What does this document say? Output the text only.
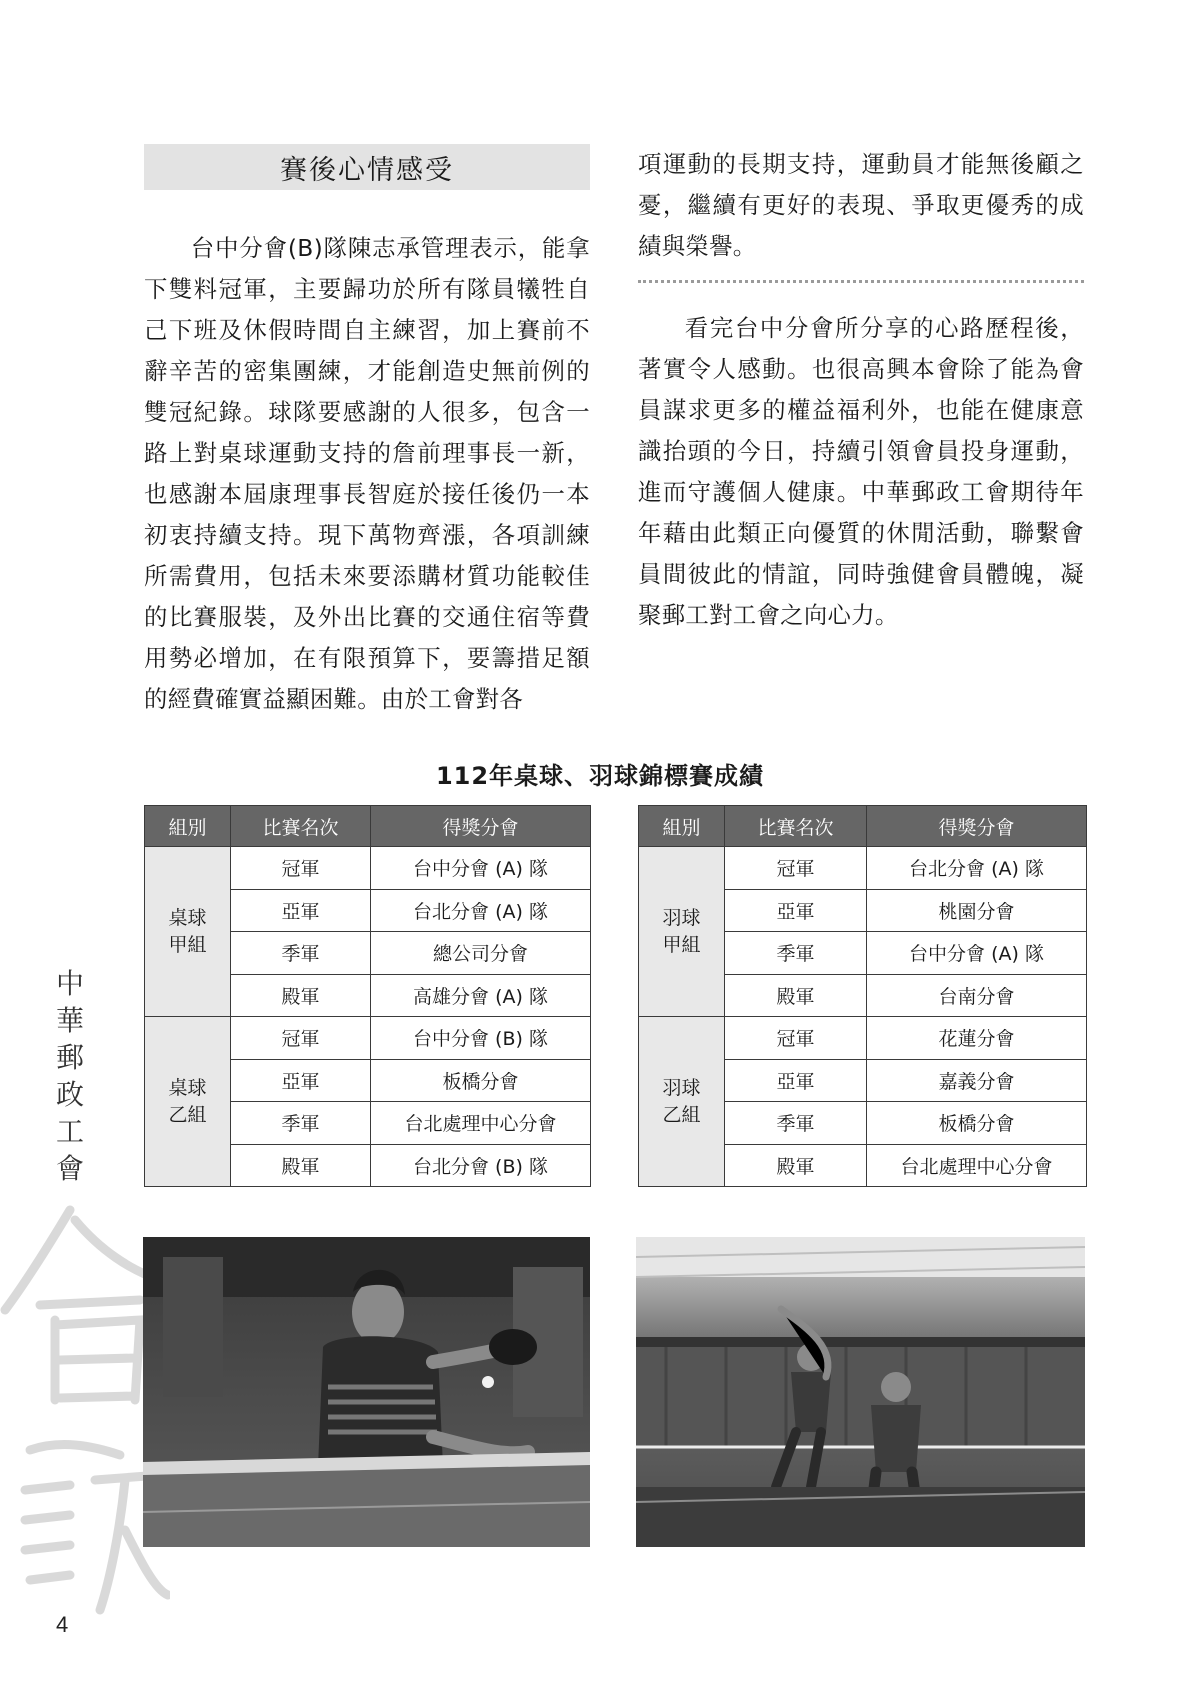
賽後心情感受

台中分會(B)隊陳志承管理表示，能拿下雙料冠軍，主要歸功於所有隊員犧牲自己下班及休假時間自主練習，加上賽前不辭辛苦的密集團練，才能創造史無前例的雙冠紀錄。球隊要感謝的人很多，包含一路上對桌球運動支持的詹前理事長一新，也感謝本屆康理事長智庭於接任後仍一本初衷持續支持。現下萬物齊漲，各項訓練所需費用，包括未來要添購材質功能較佳的比賽服裝，及外出比賽的交通住宿等費用勢必增加，在有限預算下，要籌措足額的經費確實益顯困難。由於工會對各

項運動的長期支持，運動員才能無後顧之憂，繼續有更好的表現、爭取更優秀的成績與榮譽。

看完台中分會所分享的心路歷程後，著實令人感動。也很高興本會除了能為會員謀求更多的權益福利外，也能在健康意識抬頭的今日，持續引領會員投身運動，進而守護個人健康。中華郵政工會期待年年藉由此類正向優質的休閒活動，聯繫會員間彼此的情誼，同時強健會員體魄，凝聚郵工對工會之向心力。

112年桌球、羽球錦標賽成績
組別	比賽名次	得獎分會
桌球
甲組	冠軍	台中分會 (A) 隊
	亞軍	台北分會 (A) 隊
	季軍	總公司分會
	殿軍	高雄分會 (A) 隊
桌球
乙組	冠軍	台中分會 (B) 隊
	亞軍	板橋分會
	季軍	台北處理中心分會
	殿軍	台北分會 (B) 隊
組別	比賽名次	得獎分會
羽球
甲組	冠軍	台北分會 (A) 隊
	亞軍	桃園分會
	季軍	台中分會 (A) 隊
	殿軍	台南分會
羽球
乙組	冠軍	花蓮分會
	亞軍	嘉義分會
	季軍	板橋分會
	殿軍	台北處理中心分會
中
華
郵
政
工
會
4
